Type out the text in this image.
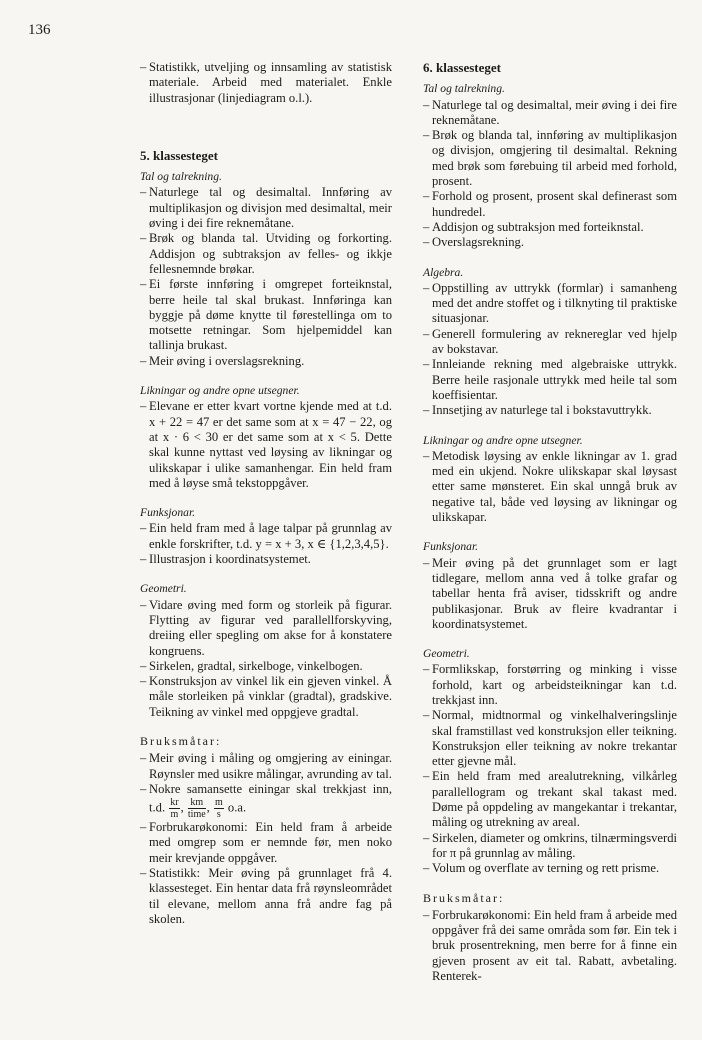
136
– Statistikk, utveljing og innsamling av statistisk materiale. Arbeid med materialet. Enkle illustrasjonar (linjediagram o.l.).
5. klassesteget
Tal og talrekning.
– Naturlege tal og desimaltal. Innføring av multiplikasjon og divisjon med desimaltal, meir øving i dei fire reknemåtane.
– Brøk og blanda tal. Utviding og forkorting. Addisjon og subtraksjon av felles- og ikkje fellesnemnde brøkar.
– Ei første innføring i omgrepet forteiknstal, berre heile tal skal brukast. Innføringa kan byggje på døme knytte til førestellinga om to motsette retningar. Som hjelpemiddel kan tallinja brukast.
– Meir øving i overslagsrekning.
Likningar og andre opne utsegner.
– Elevane er etter kvart vortne kjende med at t.d. x + 22 = 47 er det same som at x = 47 − 22, og at x · 6 < 30 er det same som at x < 5. Dette skal kunne nyttast ved løysing av likningar og ulikskapar i ulike samanhengar. Ein held fram med å løyse små tekstoppgåver.
Funksjonar.
– Ein held fram med å lage talpar på grunnlag av enkle forskrifter, t.d. y = x + 3, x ∈ {1,2,3,4,5}.
– Illustrasjon i koordinatsystemet.
Geometri.
– Vidare øving med form og storleik på figurar. Flytting av figurar ved parallellforskyving, dreiing eller spegling om akse for å konstatere kongruens.
– Sirkelen, gradtal, sirkelboge, vinkelbogen.
– Konstruksjon av vinkel lik ein gjeven vinkel. Å måle storleiken på vinklar (gradtal), gradskive. Teikning av vinkel med oppgjeve gradtal.
Bruksmåtar:
– Meir øving i måling og omgjering av einingar. Røynsler med usikre målingar, avrunding av tal.
– Nokre samansette einingar skal trekkjast inn, t.d. $\frac{kr}{m}$ , $\frac{km}{\text{time}}$ , $\frac{m}{s} o.a$.
– Forbrukarøkonomi: Ein held fram å arbeide med omgrep som er nemnde før, men noko meir krevjande oppgåver.
– Statistikk: Meir øving på grunnlaget frå 4. klassesteget. Ein hentar data frå røynsleområdet til elevane, mellom anna frå andre fag på skolen.
6. klassesteget
Tal og talrekning.
– Naturlege tal og desimaltal, meir øving i dei fire reknemåtane.
– Brøk og blanda tal, innføring av multiplikasjon og divisjon, omgjering til desimaltal. Rekning med brøk som førebuing til arbeid med forhold, prosent.
– Forhold og prosent, prosent skal definerast som hundredel.
– Addisjon og subtraksjon med forteiknstal.
– Overslagsrekning.
Algebra.
– Oppstilling av uttrykk (formlar) i samanheng med det andre stoffet og i tilknyting til praktiske situasjonar.
– Generell formulering av reknereglar ved hjelp av bokstavar.
– Innleiande rekning med algebraiske uttrykk. Berre heile rasjonale uttrykk med heile tal som koeffisientar.
– Innsetjing av naturlege tal i bokstavuttrykk.
Likningar og andre opne utsegner.
– Metodisk løysing av enkle likningar av 1. grad med ein ukjend. Nokre ulikskapar skal løysast etter same mønsteret. Ein skal unngå bruk av negative tal, både ved løysing av likningar og ulikskapar.
Funksjonar.
– Meir øving på det grunnlaget som er lagt tidlegare, mellom anna ved å tolke grafar og tabellar henta frå aviser, tidsskrift og andre publikasjonar. Bruk av fleire kvadrantar i koordinatsystemet.
Geometri.
– Formlikskap, forstørring og minking i visse forhold, kart og arbeidsteikningar kan t.d. trekkjast inn.
– Normal, midtnormal og vinkelhalveringslinje skal framstillast ved konstruksjon eller teikning. Konstruksjon eller teikning av nokre trekantar etter gjevne mål.
– Ein held fram med arealutrekning, vilkårleg parallellogram og trekant skal takast med. Døme på oppdeling av mangekantar i trekantar, måling og utrekning av areal.
– Sirkelen, diameter og omkrins, tilnærmingsverdi for π på grunnlag av måling.
– Volum og overflate av terning og rett prisme.
Bruksmåtar:
– Forbrukarøkonomi: Ein held fram å arbeide med oppgåver frå dei same områda som før. Ein tek i bruk prosentrekning, men berre for å finne ein gjeven prosent av eit tal. Rabatt, avbetaling. Renterek-
